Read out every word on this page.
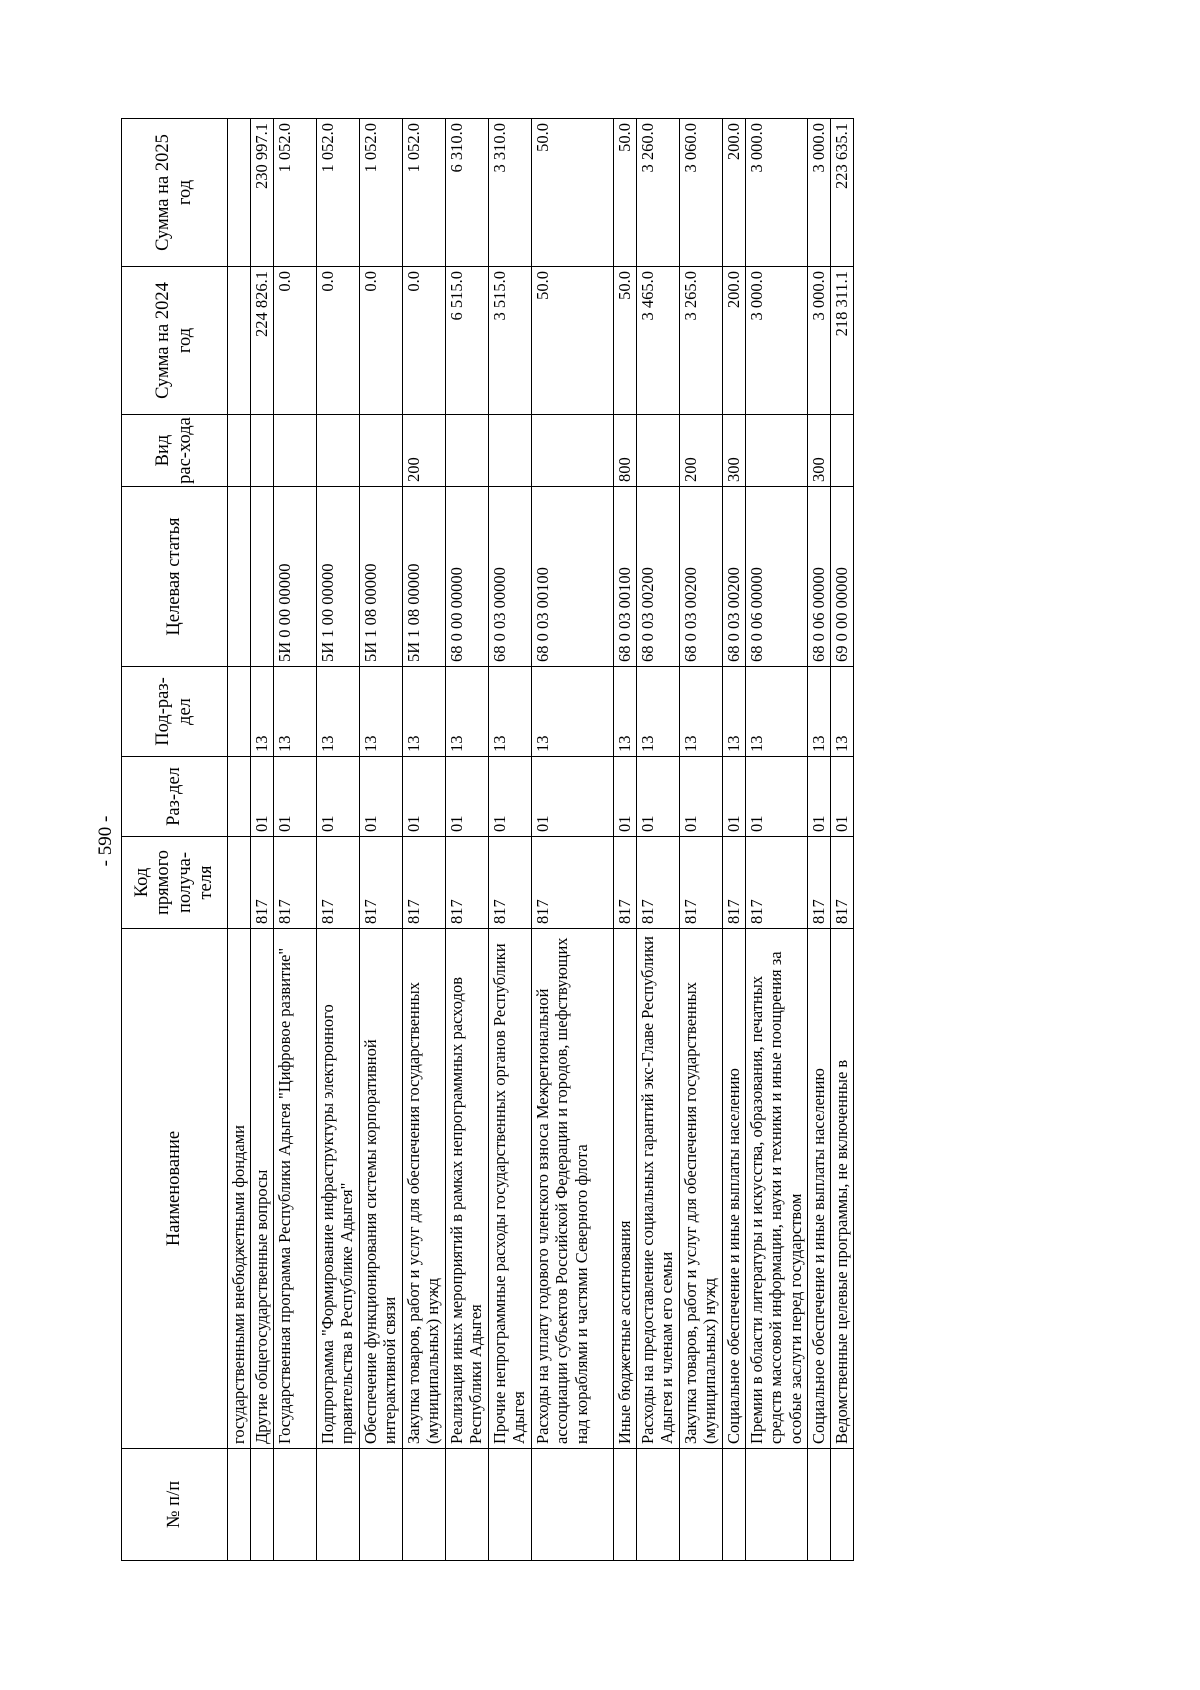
- 590 -
№ п/п	Наименование	Код прямого получа-теля	Раз-дел	Под-раз-дел	Целевая статья	Вид рас-хода	Сумма на 2024 год	Сумма на 2025 год
	государственными внебюджетными фондами							
	Другие общегосударственные вопросы	817	01	13			224 826.1	230 997.1
	Государственная программа Республики Адыгея "Цифровое развитие"	817	01	13	5И 0 00 00000		0.0	1 052.0
	Подпрограмма "Формирование инфраструктуры электронного правительства в Республике Адыгея"	817	01	13	5И 1 00 00000		0.0	1 052.0
	Обеспечение функционирования системы корпоративной интерактивной связи	817	01	13	5И 1 08 00000		0.0	1 052.0
	Закупка товаров, работ и услуг для обеспечения государственных (муниципальных) нужд	817	01	13	5И 1 08 00000	200	0.0	1 052.0
	Реализация иных мероприятий в рамках непрограммных расходов Республики Адыгея	817	01	13	68 0 00 00000		6 515.0	6 310.0
	Прочие непрограммные расходы государственных органов Республики Адыгея	817	01	13	68 0 03 00000		3 515.0	3 310.0
	Расходы на уплату годового членского взноса Межрегиональной ассоциации субъектов Российской Федерации и городов, шефствующих над кораблями и частями Северного флота	817	01	13	68 0 03 00100		50.0	50.0
	Иные бюджетные ассигнования	817	01	13	68 0 03 00100	800	50.0	50.0
	Расходы на предоставление социальных гарантий экс-Главе Республики Адыгея и членам его семьи	817	01	13	68 0 03 00200		3 465.0	3 260.0
	Закупка товаров, работ и услуг для обеспечения государственных (муниципальных) нужд	817	01	13	68 0 03 00200	200	3 265.0	3 060.0
	Социальное обеспечение и иные выплаты населению	817	01	13	68 0 03 00200	300	200.0	200.0
	Премии в области литературы и искусства, образования, печатных средств массовой информации, науки и техники и иные поощрения за особые заслуги перед государством	817	01	13	68 0 06 00000		3 000.0	3 000.0
	Социальное обеспечение и иные выплаты населению	817	01	13	68 0 06 00000	300	3 000.0	3 000.0
	Ведомственные целевые программы, не включенные в	817	01	13	69 0 00 00000		218 311.1	223 635.1
